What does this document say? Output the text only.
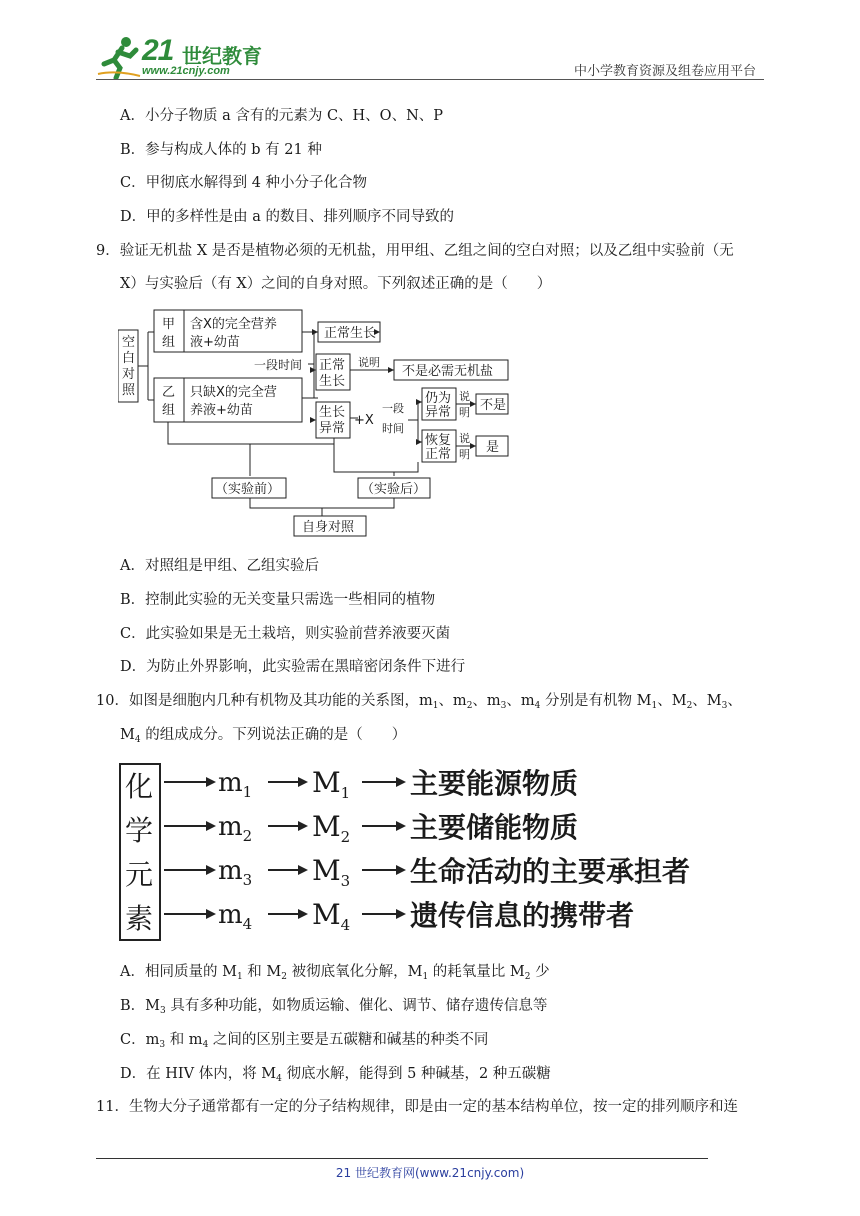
21 世纪教育
www.21cnjy.com	中小学教育资源及组卷应用平台
A．小分子物质 a 含有的元素为 C、H、O、N、P
B．参与构成人体的 b 有 21 种
C．甲彻底水解得到 4 种小分子化合物
D．甲的多样性是由 a 的数目、排列顺序不同导致的
9．验证无机盐 X 是否是植物必须的无机盐，用甲组、乙组之间的空白对照；以及乙组中实验前（无
X）与实验后（有 X）之间的自身对照。下列叙述正确的是（　　）
空
白
对
照
甲
组
含X的完全营养
液+幼苗
乙
组
只缺X的完全营
养液+幼苗
正常生长
一段时间 正常
生长
说明
不是必需无机盐
生长
异常
+X
一段
时间
仍为
异常
说
明 不是
恢复
正常
说
明 是
（实验前）	（实验后）
自身对照
A．对照组是甲组、乙组实验后
B．控制此实验的无关变量只需选一些相同的植物
C．此实验如果是无土栽培，则实验前营养液要灭菌
D．为防止外界影响，此实验需在黑暗密闭条件下进行
10．如图是细胞内几种有机物及其功能的关系图，$m_1$、$m_2$、$m_3$、$m_4$ 分别是有机物 $M_1$、$M_2$、$M_3$、
$M_4$ 的组成成分。下列说法正确的是（　　）
化
学
元
素
$m_1$ $M_1$ 主要能源物质
$m_2$ $M_2$ 主要储能物质
$m_3$ $M_3$ 生命活动的主要承担者
$m_4$ $M_4$ 遗传信息的携带者
A．相同质量的 $M_1$ 和 $M_2$ 被彻底氧化分解，$M_1$ 的耗氧量比 $M_2$ 少
B．$M_3$ 具有多种功能，如物质运输、催化、调节、储存遗传信息等
C．$m_3$ 和 $m_4$ 之间的区别主要是五碳糖和碱基的种类不同
D．在 HIV 体内，将 $M_4$ 彻底水解，能得到 5 种碱基，2 种五碳糖
11．生物大分子通常都有一定的分子结构规律，即是由一定的基本结构单位，按一定的排列顺序和连
21 世纪教育网(www.21cnjy.com)
